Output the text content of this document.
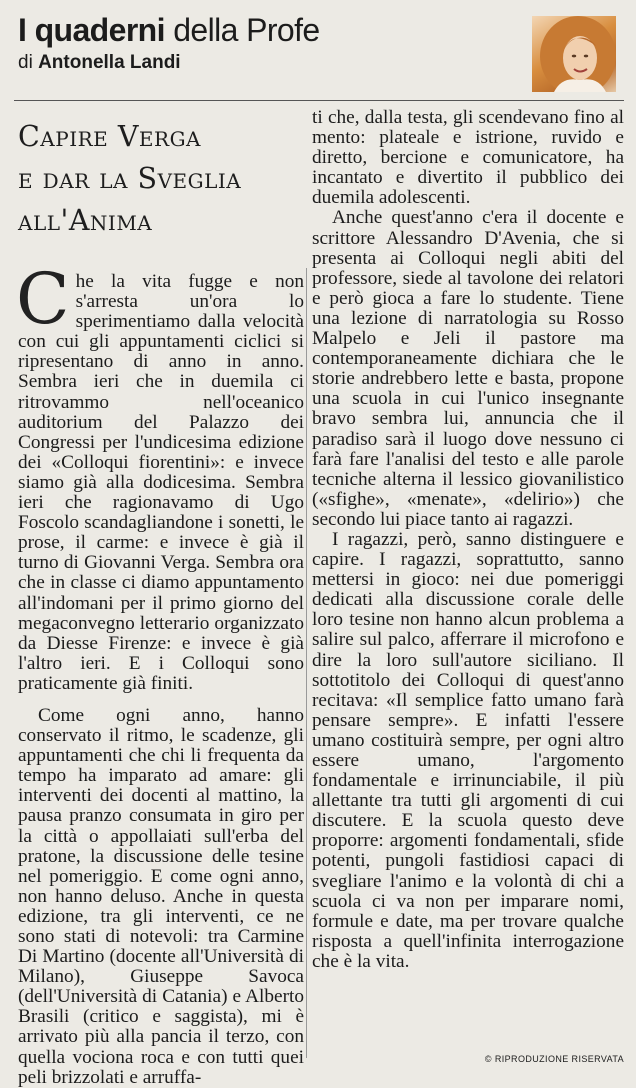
I quaderni della Profe
di Antonella Landi
Capire Verga
e dar la Sveglia
all'Anima

Che la vita fugge e non s'arresta un'ora lo sperimentiamo dalla velocità con cui gli appuntamenti ciclici si ripresentano di anno in anno. Sembra ieri che in duemila ci ritrovammo nell'oceanico auditorium del Palazzo dei Congressi per l'undicesima edizione dei «Colloqui fiorentini»: e invece siamo già alla dodicesima. Sembra ieri che ragionavamo di Ugo Foscolo scandagliandone i sonetti, le prose, il carme: e invece è già il turno di Giovanni Verga. Sembra ora che in classe ci diamo appuntamento all'indomani per il primo giorno del megaconvegno letterario organizzato da Diesse Firenze: e invece è già l'altro ieri. E i Colloqui sono praticamente già finiti.

Come ogni anno, hanno conservato il ritmo, le scadenze, gli appuntamenti che chi li frequenta da tempo ha imparato ad amare: gli interventi dei docenti al mattino, la pausa pranzo consumata in giro per la città o appollaiati sull'erba del pratone, la discussione delle tesine nel pomeriggio. E come ogni anno, non hanno deluso. Anche in questa edizione, tra gli interventi, ce ne sono stati di notevoli: tra Carmine Di Martino (docente all'Università di Milano), Giuseppe Savoca (dell'Università di Catania) e Alberto Brasili (critico e saggista), mi è arrivato più alla pancia il terzo, con quella vociona roca e con tutti quei peli brizzolati e arruffa-

ti che, dalla testa, gli scendevano fino al mento: plateale e istrione, ruvido e diretto, bercione e comunicatore, ha incantato e divertito il pubblico dei duemila adolescenti.

Anche quest'anno c'era il docente e scrittore Alessandro D'Avenia, che si presenta ai Colloqui negli abiti del professore, siede al tavolone dei relatori e però gioca a fare lo studente. Tiene una lezione di narratologia su Rosso Malpelo e Jeli il pastore ma contemporaneamente dichiara che le storie andrebbero lette e basta, propone una scuola in cui l'unico insegnante bravo sembra lui, annuncia che il paradiso sarà il luogo dove nessuno ci farà fare l'analisi del testo e alle parole tecniche alterna il lessico giovanilistico («sfighe», «menate», «delirio») che secondo lui piace tanto ai ragazzi.

I ragazzi, però, sanno distinguere e capire. I ragazzi, soprattutto, sanno mettersi in gioco: nei due pomeriggi dedicati alla discussione corale delle loro tesine non hanno alcun problema a salire sul palco, afferrare il microfono e dire la loro sull'autore siciliano. Il sottotitolo dei Colloqui di quest'anno recitava: «Il semplice fatto umano farà pensare sempre». E infatti l'essere umano costituirà sempre, per ogni altro essere umano, l'argomento fondamentale e irrinunciabile, il più allettante tra tutti gli argomenti di cui discutere. E la scuola questo deve proporre: argomenti fondamentali, sfide potenti, pungoli fastidiosi capaci di svegliare l'animo e la volontà di chi a scuola ci va non per imparare nomi, formule e date, ma per trovare qualche risposta a quell'infinita interrogazione che è la vita.

© RIPRODUZIONE RISERVATA
